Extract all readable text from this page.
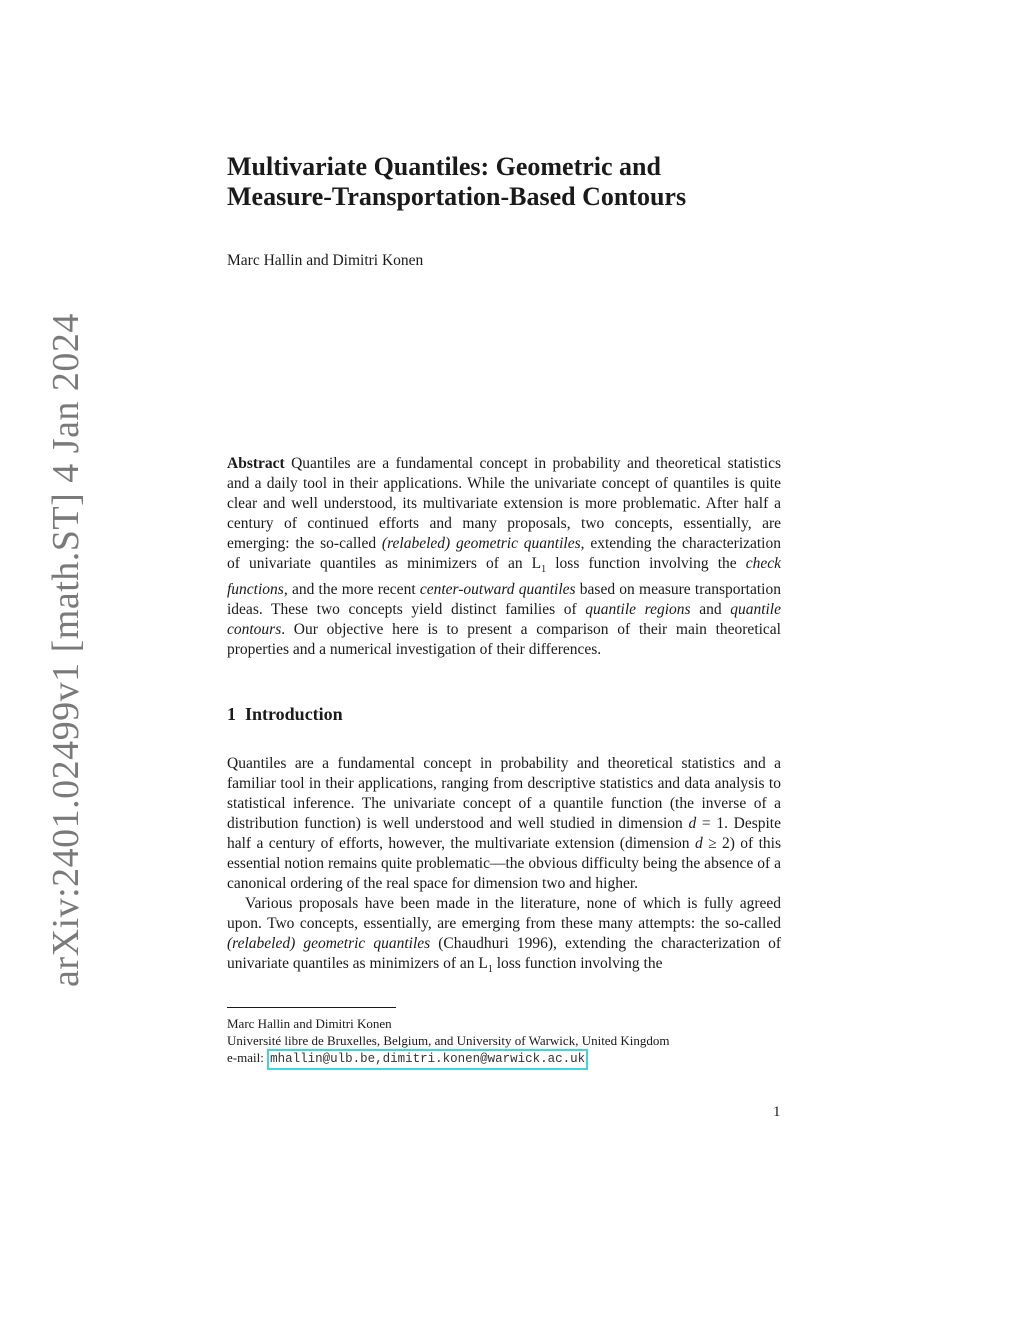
arXiv:2401.02499v1 [math.ST] 4 Jan 2024
Multivariate Quantiles: Geometric and
Measure-Transportation-Based Contours
Marc Hallin and Dimitri Konen

Abstract Quantiles are a fundamental concept in probability and theoretical statistics and a daily tool in their applications. While the univariate concept of quantiles is quite clear and well understood, its multivariate extension is more problematic. After half a century of continued efforts and many proposals, two concepts, essentially, are emerging: the so-called (relabeled) geometric quantiles, extending the characterization of univariate quantiles as minimizers of an $L_1$ loss function involving the check functions, and the more recent center-outward quantiles based on measure transportation ideas. These two concepts yield distinct families of quantile regions and quantile contours. Our objective here is to present a comparison of their main theoretical properties and a numerical investigation of their differences.

1 Introduction

Quantiles are a fundamental concept in probability and theoretical statistics and a familiar tool in their applications, ranging from descriptive statistics and data analysis to statistical inference. The univariate concept of a quantile function (the inverse of a distribution function) is well understood and well studied in dimension d = 1. Despite half a century of efforts, however, the multivariate extension (dimension d ≥ 2) of this essential notion remains quite problematic—the obvious difficulty being the absence of a canonical ordering of the real space for dimension two and higher.

Various proposals have been made in the literature, none of which is fully agreed upon. Two concepts, essentially, are emerging from these many attempts: the so-called (relabeled) geometric quantiles (Chaudhuri 1996), extending the characterization of univariate quantiles as minimizers of an $L_1$ loss function involving the

Marc Hallin and Dimitri Konen
Université libre de Bruxelles, Belgium, and University of Warwick, United Kingdom
e-mail: mhallin@ulb.be,dimitri.konen@warwick.ac.uk
1
